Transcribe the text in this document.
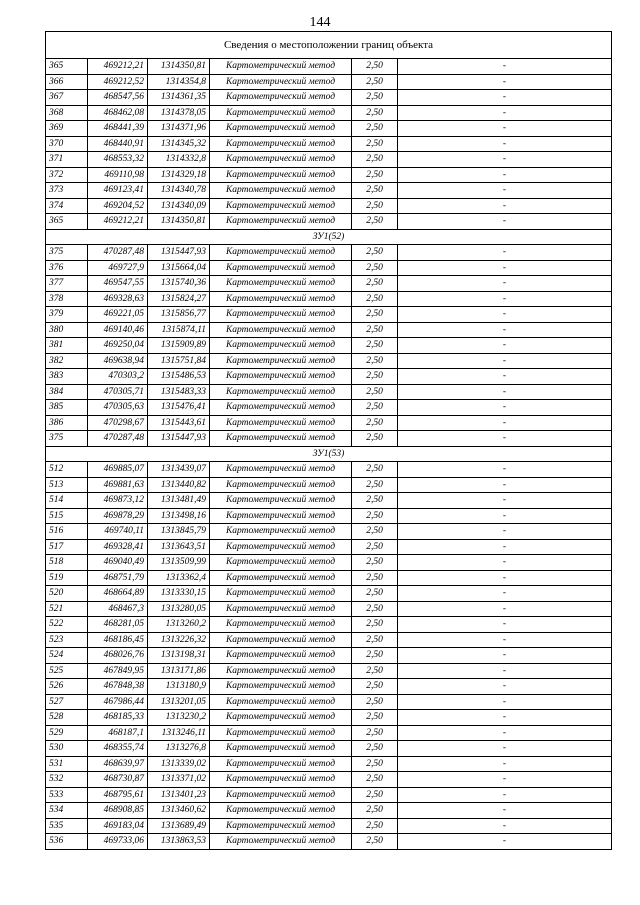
144
Сведения о местоположении границ объекта					
365	469212,21	1314350,81	Картометрический метод	2,50	-
366	469212,52	1314354,8	Картометрический метод	2,50	-
367	468547,56	1314361,35	Картометрический метод	2,50	-
368	468462,08	1314378,05	Картометрический метод	2,50	-
369	468441,39	1314371,96	Картометрический метод	2,50	-
370	468440,91	1314345,32	Картометрический метод	2,50	-
371	468553,32	1314332,8	Картометрический метод	2,50	-
372	469110,98	1314329,18	Картометрический метод	2,50	-
373	469123,41	1314340,78	Картометрический метод	2,50	-
374	469204,52	1314340,09	Картометрический метод	2,50	-
365	469212,21	1314350,81	Картометрический метод	2,50	-
ЗУ1(52)					
375	470287,48	1315447,93	Картометрический метод	2,50	-
376	469727,9	1315664,04	Картометрический метод	2,50	-
377	469547,55	1315740,36	Картометрический метод	2,50	-
378	469328,63	1315824,27	Картометрический метод	2,50	-
379	469221,05	1315856,77	Картометрический метод	2,50	-
380	469140,46	1315874,11	Картометрический метод	2,50	-
381	469250,04	1315909,89	Картометрический метод	2,50	-
382	469638,94	1315751,84	Картометрический метод	2,50	-
383	470303,2	1315486,53	Картометрический метод	2,50	-
384	470305,71	1315483,33	Картометрический метод	2,50	-
385	470305,63	1315476,41	Картометрический метод	2,50	-
386	470298,67	1315443,61	Картометрический метод	2,50	-
375	470287,48	1315447,93	Картометрический метод	2,50	-
ЗУ1(53)					
512	469885,07	1313439,07	Картометрический метод	2,50	-
513	469881,63	1313440,82	Картометрический метод	2,50	-
514	469873,12	1313481,49	Картометрический метод	2,50	-
515	469878,29	1313498,16	Картометрический метод	2,50	-
516	469740,11	1313845,79	Картометрический метод	2,50	-
517	469328,41	1313643,51	Картометрический метод	2,50	-
518	469040,49	1313509,99	Картометрический метод	2,50	-
519	468751,79	1313362,4	Картометрический метод	2,50	-
520	468664,89	1313330,15	Картометрический метод	2,50	-
521	468467,3	1313280,05	Картометрический метод	2,50	-
522	468281,05	1313260,2	Картометрический метод	2,50	-
523	468186,45	1313226,32	Картометрический метод	2,50	-
524	468026,76	1313198,31	Картометрический метод	2,50	-
525	467849,95	1313171,86	Картометрический метод	2,50	-
526	467848,38	1313180,9	Картометрический метод	2,50	-
527	467986,44	1313201,05	Картометрический метод	2,50	-
528	468185,33	1313230,2	Картометрический метод	2,50	-
529	468187,1	1313246,11	Картометрический метод	2,50	-
530	468355,74	1313276,8	Картометрический метод	2,50	-
531	468639,97	1313339,02	Картометрический метод	2,50	-
532	468730,87	1313371,02	Картометрический метод	2,50	-
533	468795,61	1313401,23	Картометрический метод	2,50	-
534	468908,85	1313460,62	Картометрический метод	2,50	-
535	469183,04	1313689,49	Картометрический метод	2,50	-
536	469733,06	1313863,53	Картометрический метод	2,50	-
